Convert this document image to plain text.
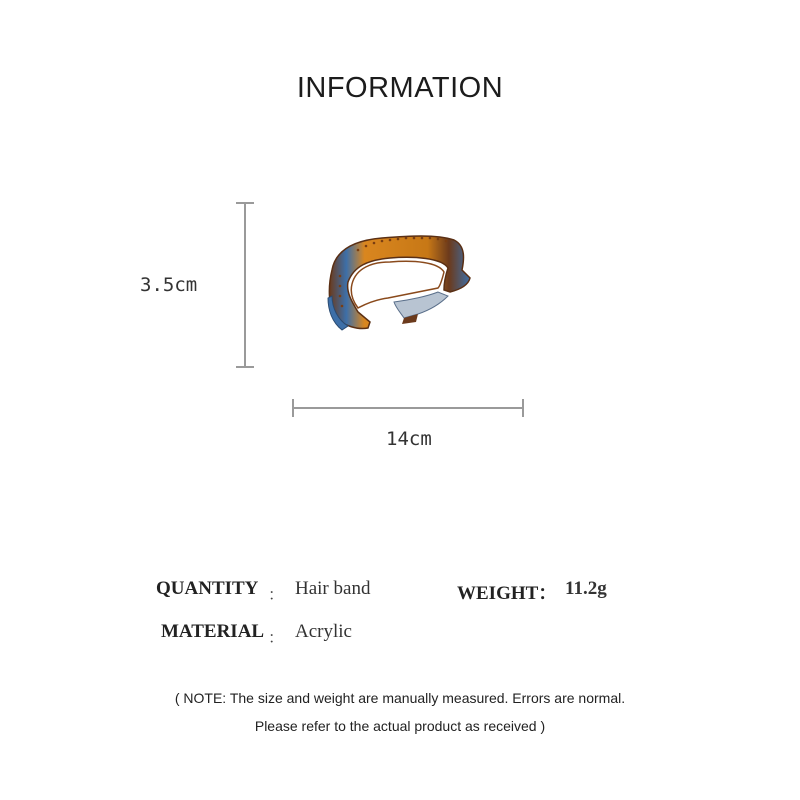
INFORMATION
3.5cm
14cm
QUANTITY ： Hair band	WEIGHT： 11.2g
MATERIAL ： Acrylic
( NOTE: The size and weight are manually measured. Errors are normal.
Please refer to the actual product as received )
